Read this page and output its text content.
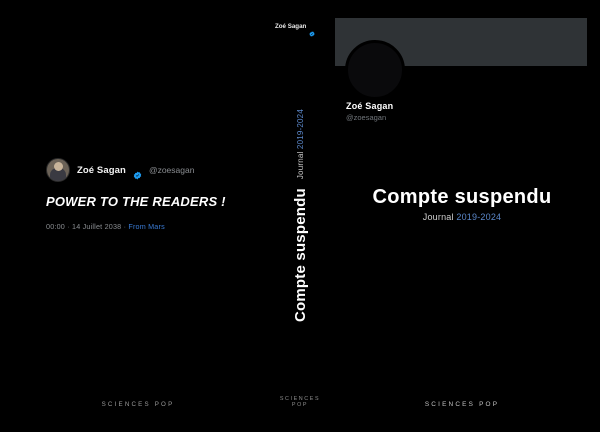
Zoé Sagan	@zoesagan
POWER TO THE READERS !
00:00 · 14 Juillet 2038 · From Mars
SCIENCES POP
Compte suspendu
Journal 2019-2024
SCIENCES POP
Zoé Sagan
Zoé Sagan
@zoesagan
Compte suspendu
Journal 2019-2024
SCIENCES POP
